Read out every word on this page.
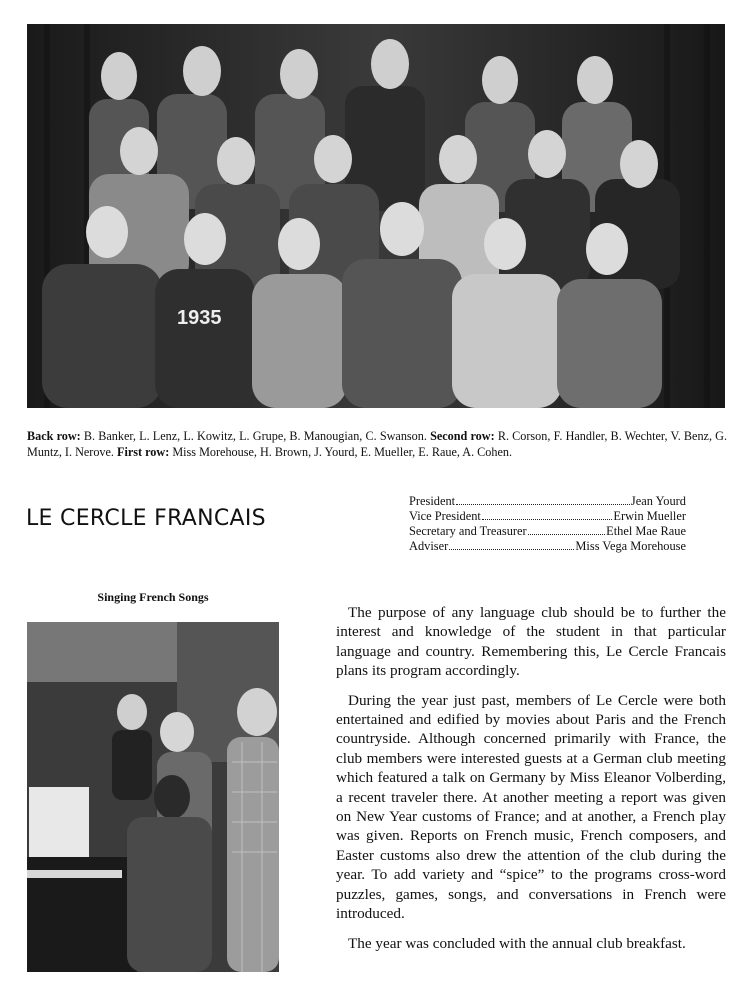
1935
Back row: B. Banker, L. Lenz, L. Kowitz, L. Grupe, B. Manougian, C. Swanson. Second row: R. Corson, F. Handler, B. Wechter, V. Benz, G. Muntz, I. Nerove. First row: Miss Morehouse, H. Brown, J. Yourd, E. Mueller, E. Raue, A. Cohen.
LE CERCLE FRANCAIS
President	Jean Yourd
Vice President	Erwin Mueller
Secretary and Treasurer	Ethel Mae Raue
Adviser	Miss Vega Morehouse
Singing French Songs

The purpose of any language club should be to further the interest and knowledge of the student in that particular language and country. Remembering this, Le Cercle Francais plans its program accordingly.

During the year just past, members of Le Cercle were both entertained and edified by movies about Paris and the French countryside. Although concerned primarily with France, the club members were interested guests at a German club meeting which featured a talk on Germany by Miss Eleanor Volberding, a recent traveler there. At another meeting a report was given on New Year customs of France; and at another, a French play was given. Reports on French music, French composers, and Easter customs also drew the attention of the club during the year. To add variety and “spice” to the programs cross-word puzzles, games, songs, and conversations in French were introduced.

The year was concluded with the annual club breakfast.
